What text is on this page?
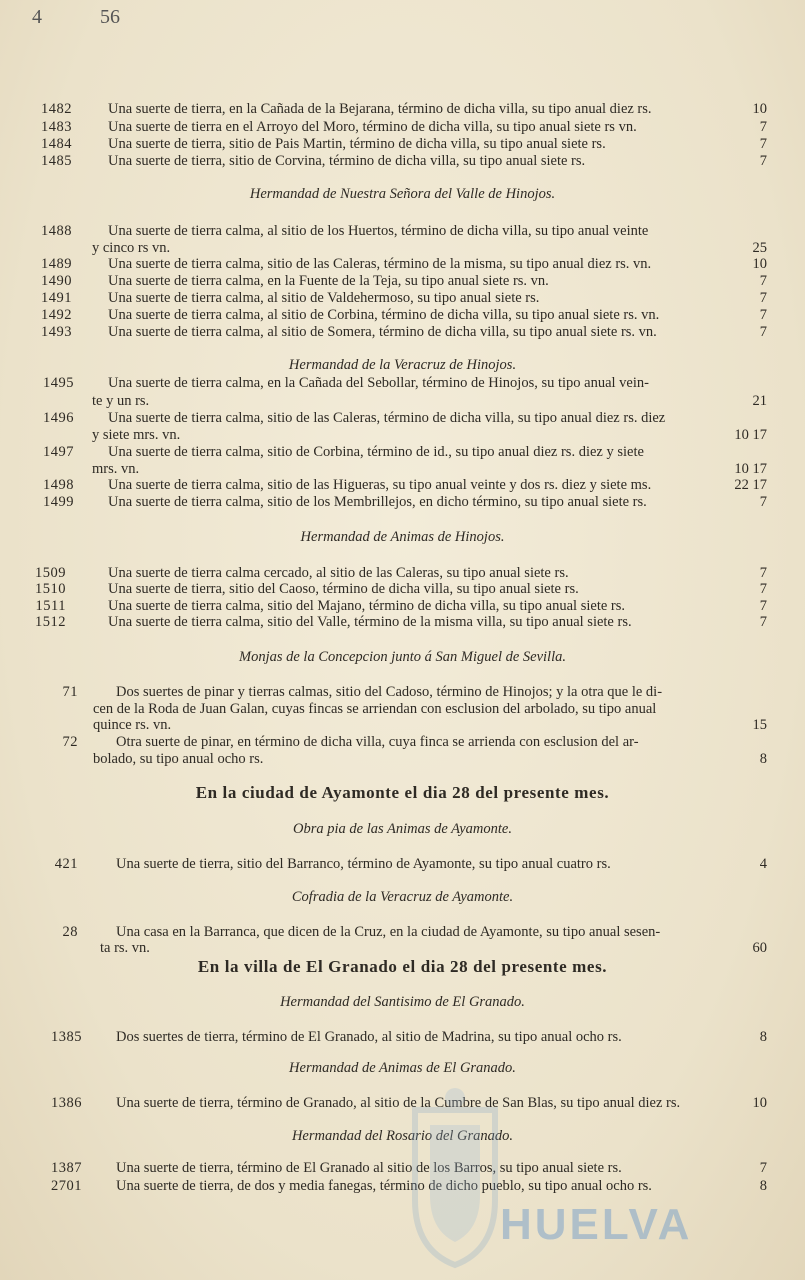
4	56
1482 Una suerte de tierra, en la Cañada de la Bejarana, término de dicha villa, su tipo anual diez rs.	10
1483 Una suerte de tierra en el Arroyo del Moro, término de dicha villa, su tipo anual siete rs vn.	7
1484 Una suerte de tierra, sitio de Pais Martin, término de dicha villa, su tipo anual siete rs.	7
1485 Una suerte de tierra, sitio de Corvina, término de dicha villa, su tipo anual siete rs.	7
Hermandad de Nuestra Señora del Valle de Hinojos.
1488 Una suerte de tierra calma, al sitio de los Huertos, término de dicha villa, su tipo anual veinte
y cinco rs vn.	25
1489 Una suerte de tierra calma, sitio de las Caleras, término de la misma, su tipo anual diez rs. vn.	10
1490 Una suerte de tierra calma, en la Fuente de la Teja, su tipo anual siete rs. vn.	7
1491 Una suerte de tierra calma, al sitio de Valdehermoso, su tipo anual siete rs.	7
1492 Una suerte de tierra calma, al sitio de Corbina, término de dicha villa, su tipo anual siete rs. vn.	7
1493 Una suerte de tierra calma, al sitio de Somera, término de dicha villa, su tipo anual siete rs. vn.	7
Hermandad de la Veracruz de Hinojos.
1495 Una suerte de tierra calma, en la Cañada del Sebollar, término de Hinojos, su tipo anual vein-
te y un rs.	21
1496 Una suerte de tierra calma, sitio de las Caleras, término de dicha villa, su tipo anual diez rs. diez
y siete mrs. vn.	10 17
1497 Una suerte de tierra calma, sitio de Corbina, término de id., su tipo anual diez rs. diez y siete
mrs. vn.	10 17
1498 Una suerte de tierra calma, sitio de las Higueras, su tipo anual veinte y dos rs. diez y siete ms.	22 17
1499 Una suerte de tierra calma, sitio de los Membrillejos, en dicho término, su tipo anual siete rs.	7
Hermandad de Animas de Hinojos.
1509	Una suerte de tierra calma cercado, al sitio de las Caleras, su tipo anual siete rs.	7
1510	Una suerte de tierra, sitio del Caoso, término de dicha villa, su tipo anual siete rs.	7
1511	Una suerte de tierra calma, sitio del Majano, término de dicha villa, su tipo anual siete rs.	7
1512	Una suerte de tierra calma, sitio del Valle, término de la misma villa, su tipo anual siete rs.	7
Monjas de la Concepcion junto á San Miguel de Sevilla.
71	Dos suertes de pinar y tierras calmas, sitio del Cadoso, término de Hinojos; y la otra que le di-
cen de la Roda de Juan Galan, cuyas fincas se arriendan con esclusion del arbolado, su tipo anual
quince rs. vn.	15
72	Otra suerte de pinar, en término de dicha villa, cuya finca se arrienda con esclusion del ar-
bolado, su tipo anual ocho rs.	8
En la ciudad de Ayamonte el dia 28 del presente mes.
Obra pia de las Animas de Ayamonte.
421	Una suerte de tierra, sitio del Barranco, término de Ayamonte, su tipo anual cuatro rs.	4
Cofradia de la Veracruz de Ayamonte.
28	Una casa en la Barranca, que dicen de la Cruz, en la ciudad de Ayamonte, su tipo anual sesen-
ta rs. vn.	60
En la villa de El Granado el dia 28 del presente mes.
Hermandad del Santisimo de El Granado.
1385 Dos suertes de tierra, término de El Granado, al sitio de Madrina, su tipo anual ocho rs.	8
Hermandad de Animas de El Granado.
1386 Una suerte de tierra, término de Granado, al sitio de la Cumbre de San Blas, su tipo anual diez rs.	10
Hermandad del Rosario del Granado.
1387 Una suerte de tierra, término de El Granado al sitio de los Barros, su tipo anual siete rs.	7
2701 Una suerte de tierra, de dos y media fanegas, término de dicho pueblo, su tipo anual ocho rs.	8
HUELVA
